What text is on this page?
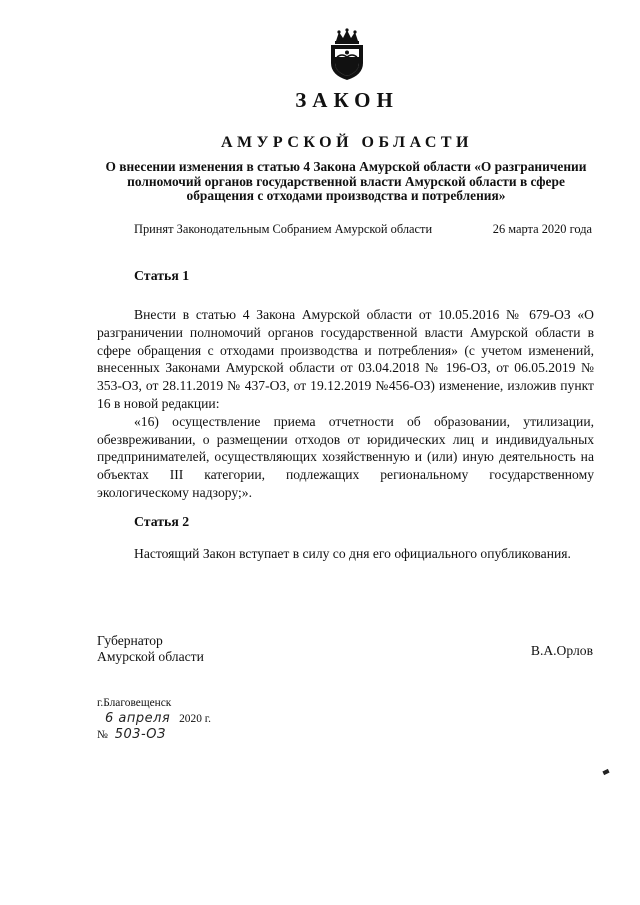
ЗАКОН
АМУРСКОЙ ОБЛАСТИ
О внесении изменения в статью 4 Закона Амурской области «О разграничении полномочий органов государственной власти Амурской области в сфере обращения с отходами производства и потребления»
Принят Законодательным Собранием Амурской области	26 марта 2020 года
Статья 1

Внести в статью 4 Закона Амурской области от 10.05.2016 № 679-ОЗ «О разграничении полномочий органов государственной власти Амурской области в сфере обращения с отходами производства и потребления» (с учетом изменений, внесенных Законами Амурской области от 03.04.2018 № 196-ОЗ, от 06.05.2019 № 353-ОЗ, от 28.11.2019 № 437-ОЗ, от 19.12.2019 №456-ОЗ) изменение, изложив пункт 16 в новой редакции:

«16) осуществление приема отчетности об образовании, утилизации, обезвреживании, о размещении отходов от юридических лиц и индивидуальных предпринимателей, осуществляющих хозяйственную и (или) иную деятельность на объектах III категории, подлежащих региональному государственному экологическому надзору;».

Статья 2

Настоящий Закон вступает в силу со дня его официального опубликования.

Губернатор
Амурской области	В.А.Орлов
г.Благовещенск
6 апреля 2020 г.
№ 503-ОЗ
